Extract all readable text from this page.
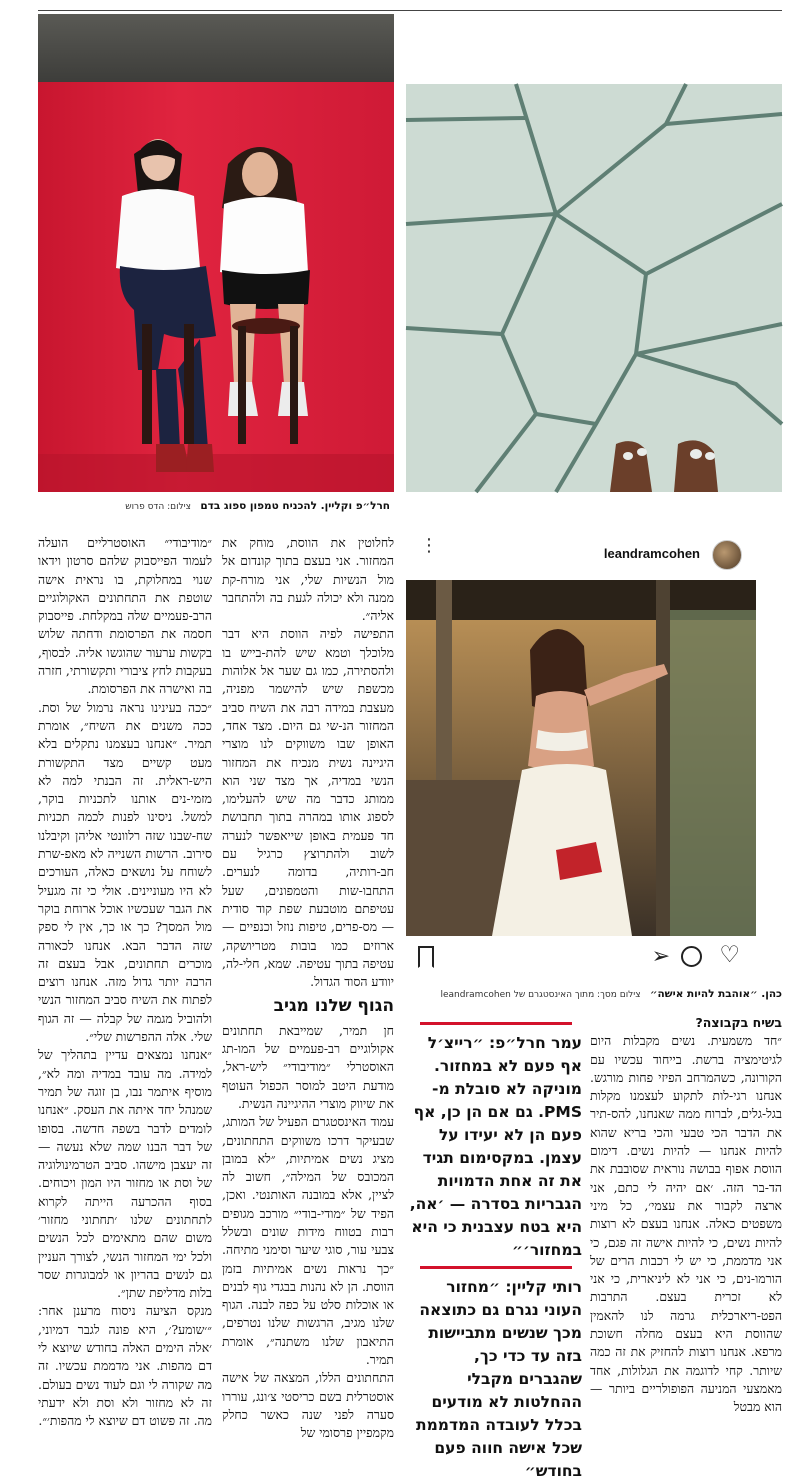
חרל״פ וקליין. להכניח טמפון ספוג בדם צילום: הדס פרוש
leandramcohen
⋮
➢ ♡
כהן. ״אוהבת להיות אישה״ צילום מסך: מתוך האינסטגרם של leandramcohen

״מודיבודי״ האוסטרליים הועלה לעמוד הפייסבוק שלהם סרטון וידאו שנוי במחלוקת, בו נראית אישה שוטפת את התחתונים האקולוגיים הרב-פעמיים שלה במקלחת. פייסבוק חסמה את הפרסומת ודחתה שלוש בקשות ערעור שהוגשו אליה. לבסוף, בעקבות לחץ ציבורי ותקשורתי, חזרה בה ואישרה את הפרסומת.

״ככה בעינינו נראה נרמול של וסת. ככה משנים את השיח״, אומרת תמיר. ״אנחנו בעצמנו נתקלים בלא מעט קשיים מצד התקשורת היש-ראלית. זה הבנתי למה לא מזמי-נים אותנו לתכניות בוקר, למשל. ניסינו לפנות לכמה תכניות שח-שבנו שזה רלוונטי אליהן וקיבלנו סירוב. הרשות השנייה לא מאפ-שרת לשוחח על נושאים כאלה, העורכים לא היו מעוניינים. אולי כי זה מגעיל את הגבר שעכשיו אוכל ארוחת בוקר מול המסך? כך או כך, אין לי ספק שזה הדבר הבא. אנחנו לכאורה מוכרים תחתונים, אבל בעצם זה הרבה יותר גדול מזה. אנחנו רוצים לפתוח את השיח סביב המחזור הנשי ולהוביל מגמה של קבלה — זה הגוף שלי. אלה ההפרשות שלי״.

״אנחנו נמצאים עדיין בתהליך של למידה. מה עובד במדיה ומה לא״, מוסיף איתמר נבו, בן זוגה של תמיר שמנהל יחד איתה את העסק. ״אנחנו לומדים לדבר בשפה חדשה. בסופו של דבר הבנו שמה שלא נעשה — זה יעצבן מישהו. סביב הטרמינולוגיה של וסת או מחזור היו המון ויכוחים. בסוף ההכרעה הייתה לקרוא לתחתונים שלנו ׳תחתוני מחזור׳ משום שהם מתאימים לכל הנשים ולכל ימי המחזור הנשי, לצורך העניין גם לנשים בהריון או למבוגרות שסר בלות מדליפת שתן״.

מנקס הציעה ניסוח מרענן אחר: ״׳שומע?׳, היא פונה לגבר דמיוני, ׳אלה הימים האלה בחודש שיוצא לי דם מהפות. אני מדממת עכשיו. זה מה שקורה לי וגם לעוד נשים בעולם. זה לא מחזור ולא וסת ולא ידעתי מה. זה פשוט דם שיוצא לי מהפות׳״.

לחלוטין את הווסת, מוחק את המחזור. אני בעצם בתוך קונדום אל מול הנשיות שלי, אני מורח-קת ממנה ולא יכולה לגעת בה ולהתחבר אליה״.

התפישה לפיה הווסת היא דבר מלוכלך וטמא שיש להת-בייש בו ולהסתירה, כמו גם שער אל אלוהות מכשפת שיש להישמר מפניה, מעצבת במידה רבה את השיח סביב המחזור הנ-שי גם היום. מצד אחד, האופן שבו משווקים לנו מוצרי היגיינה נשית מנכיח את המחזור הנשי במדיה, אך מצד שני הוא ממותג כדבר מה שיש להעלימו, לספוג אותו במהרה בתוך תחבושת חד פעמית באופן שייאפשר לנערה לשוב ולהתרוצץ כרגיל עם חב-רותיה, בדומה לנערים. התחבו-שות והטמפונים, שעל עטיפתם מוטבעת שפת קוד סודית — מס-פרים, טיפות נוזל וכנפיים — ארוזים כמו בובות מטריושקה, עטיפה בתוך עטיפה. שמא, חלי-לה, יוודע הסוד הגדול.

הגוף שלנו מגיב

חן תמיר, שמייבאת תחתונים אקולוגיים רב-פעמיים של המו-תג האוסטרלי ״מודיבודי״ ליש-ראל, מודעת היטב למוסר הכפול העוטף את שיווק מוצרי ההיגיינה הנשית.

עמוד האינסטגרם הפעיל של המותג, שבעיקר דרכו משווקים התחתונים, מציג נשים אמיתיות, ״לא במובן המכובס של המילה״, חשוב לה לציין, אלא במובנה האותנטי. ואכן, הפיד של ״מודי-בודי״ מורכב מגופים רבות בטווח מידות שונים ובשלל צבעי עור, סוגי שיער וסימני מתיחה. ״כך נראות נשים אמיתיות בזמן הווסת. הן לא נהנות בבגדי גוף לבנים או אוכלות סלט על כפה לבנה. הגוף שלנו מגיב, הרגשות שלנו נטרפים, התיאבון שלנו משתנה״, אומרת תמיר.

התחתונים הללו, המצאה של אישה אוסטרלית בשם כריסטי צ׳ונג, עוררו סערה לפני שנה כאשר כחלק מקמפיין פרסומי של

בשיח בקבוצה?

״חד משמעית. נשים מקבלות היום לגיטימציה ברשת. בייחוד עכשיו עם הקורונה, כשהמרחב הפיזי פחות מורגש. אנחנו רגי-לות לתקוע לעצמנו מקלות בגל-גלים, לברוח ממה שאנחנו, להס-תיר את הדבר הכי טבעי והכי בריא שהוא להיות אנחנו — להיות נשים. דימום הווסת אפוף בבושה נוראית שסובבת את הד-בר הזה. ׳אם יהיה לי כתם, אני ארצה לקבור את עצמי׳, כל מיני משפטים כאלה. אנחנו בעצם לא רוצות להיות נשים, כי להיות אישה זה פגם, כי אני מדממת, כי יש לי רכבות הרים של הורמו-נים, כי אני לא ליניארית, כי אני לא זכרית בעצם. התרבות הפט-ריארכלית גרמה לנו להאמין שהווסת היא בעצם מחלה חשוכת מרפא. אנחנו רוצות להחזיק את זה כמה שיותר. קחי לדוגמה את הגלולות, אחד מאמצעי המניעה הפופולריים ביותר — הוא מבטל

עמר חרל״פ: ״רייצ׳ל אף פעם לא במחזור. מוניקה לא סובלת מ-PMS. גם אם הן כן, אף פעם הן לא יעידו על עצמן. במקסימום תגיד את זה אחת הדמויות הגבריות בסדרה — ׳אה, היא בטח עצבנית כי היא במחזור׳״
רותי קליין: ״מחזור העוני נגרם גם כתוצאה מכך שנשים מתביישות בזה עד כדי כך, שהגברים מקבלי ההחלטות לא מודעים בכלל לעובדה המדממת שכל אישה חווה פעם בחודש״
